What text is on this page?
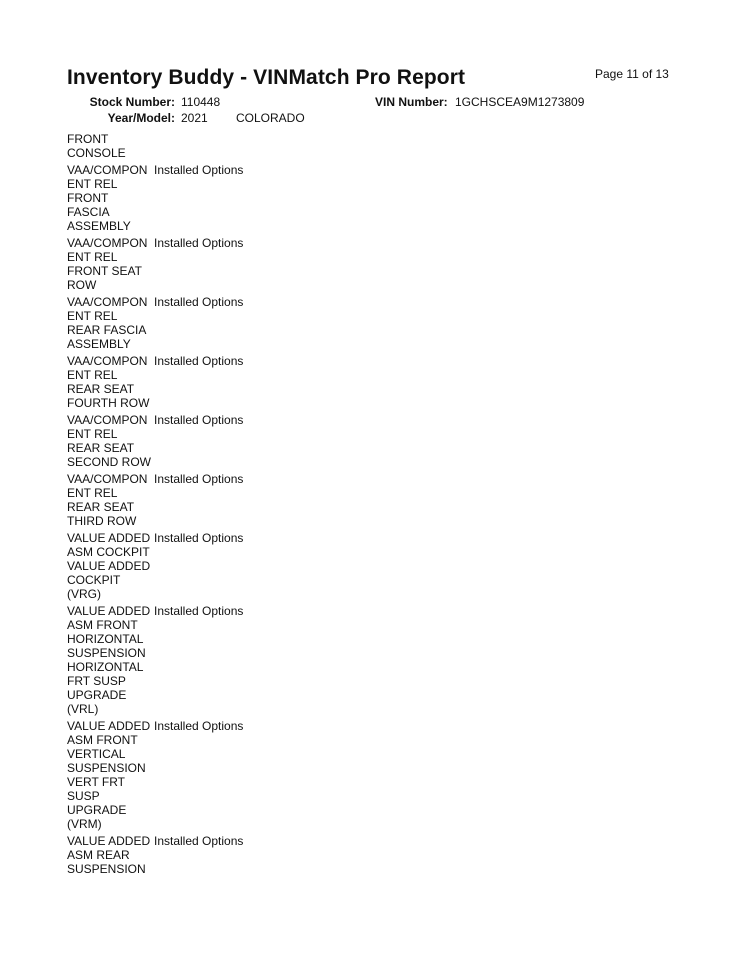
Inventory Buddy - VINMatch Pro Report	Page 11 of 13
Stock Number: 110448	VIN Number: 1GCHSCEA9M1273809
Year/Model: 2021 COLORADO
FRONT
CONSOLE
VAA/COMPON Installed Options
ENT REL
FRONT
FASCIA
ASSEMBLY
VAA/COMPON Installed Options
ENT REL
FRONT SEAT
ROW
VAA/COMPON Installed Options
ENT REL
REAR FASCIA
ASSEMBLY
VAA/COMPON Installed Options
ENT REL
REAR SEAT
FOURTH ROW
VAA/COMPON Installed Options
ENT REL
REAR SEAT
SECOND ROW
VAA/COMPON Installed Options
ENT REL
REAR SEAT
THIRD ROW
VALUE ADDED Installed Options
ASM COCKPIT
VALUE ADDED
COCKPIT
(VRG)
VALUE ADDED Installed Options
ASM FRONT
HORIZONTAL
SUSPENSION
HORIZONTAL
FRT SUSP
UPGRADE
(VRL)
VALUE ADDED Installed Options
ASM FRONT
VERTICAL
SUSPENSION
VERT FRT
SUSP
UPGRADE
(VRM)
VALUE ADDED Installed Options
ASM REAR
SUSPENSION
